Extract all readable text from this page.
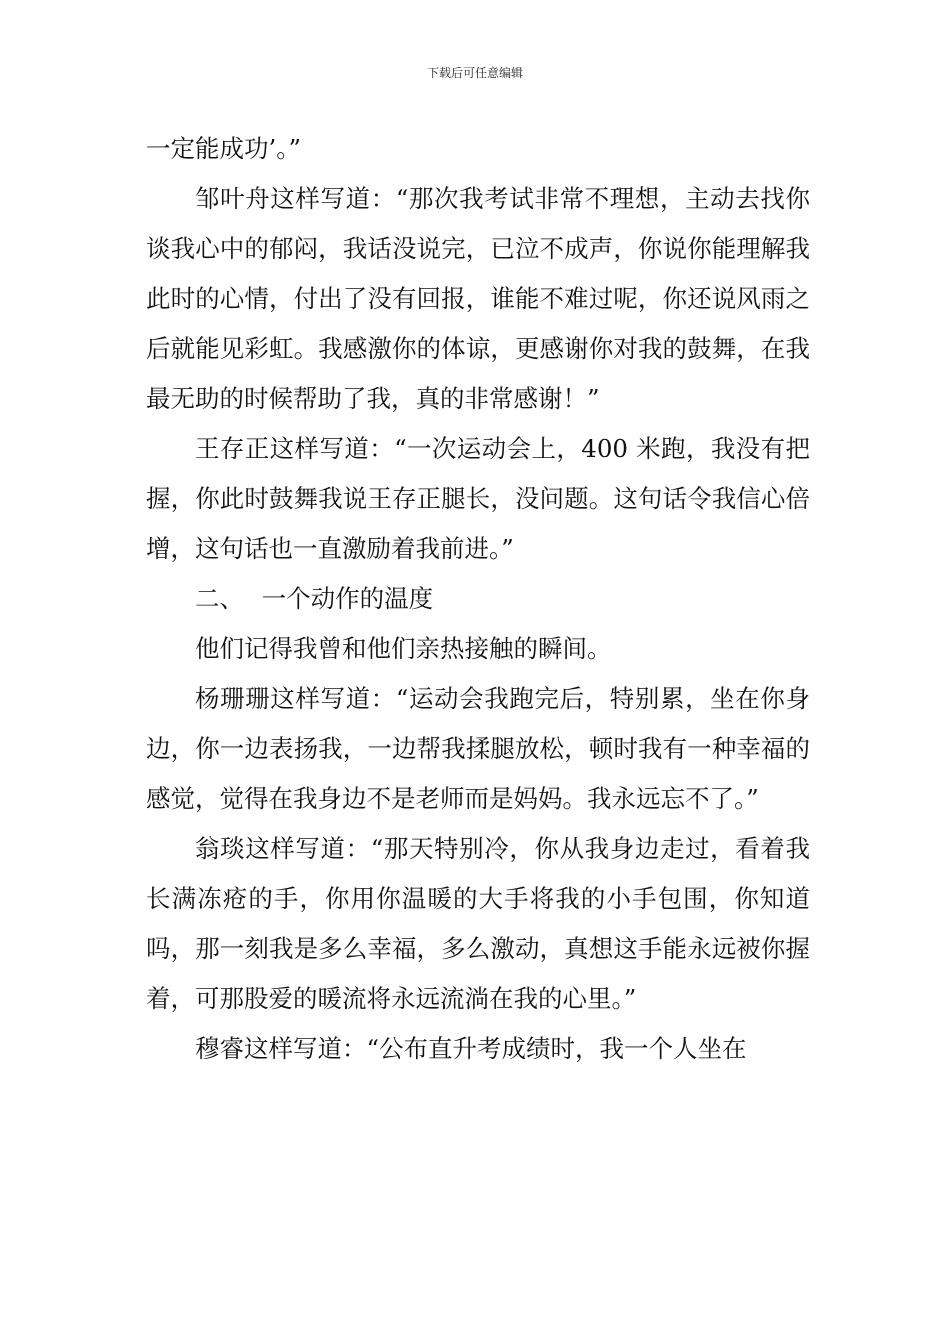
下载后可任意编辑

一定能成功’。”

邹叶舟这样写道：“那次我考试非常不理想，主动去找你谈我心中的郁闷，我话没说完，已泣不成声，你说你能理解我此时的心情，付出了没有回报，谁能不难过呢，你还说风雨之后就能见彩虹。我感激你的体谅，更感谢你对我的鼓舞，在我最无助的时候帮助了我，真的非常感谢！”

王存正这样写道：“一次运动会上，400 米跑，我没有把握，你此时鼓舞我说王存正腿长，没问题。这句话令我信心倍增，这句话也一直激励着我前进。”

二、 一个动作的温度

他们记得我曾和他们亲热接触的瞬间。

杨珊珊这样写道：“运动会我跑完后，特别累，坐在你身边，你一边表扬我，一边帮我揉腿放松，顿时我有一种幸福的感觉，觉得在我身边不是老师而是妈妈。我永远忘不了。”

翁琰这样写道：“那天特别冷，你从我身边走过，看着我长满冻疮的手，你用你温暖的大手将我的小手包围，你知道吗，那一刻我是多么幸福，多么激动，真想这手能永远被你握着，可那股爱的暖流将永远流淌在我的心里。”

穆睿这样写道：“公布直升考成绩时，我一个人坐在
